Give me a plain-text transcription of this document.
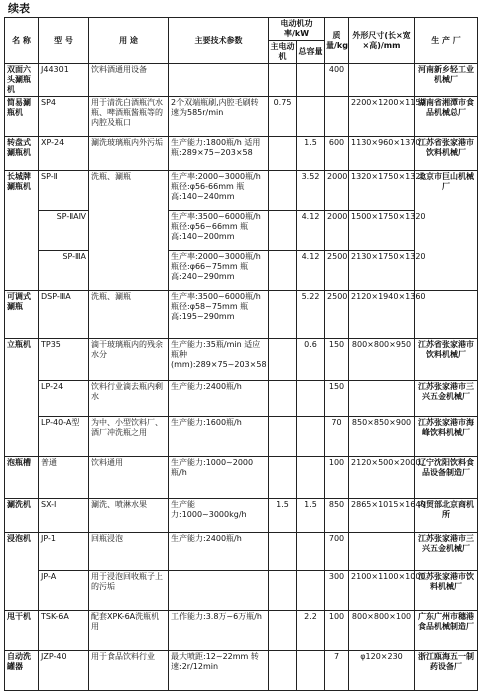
续表
名 称	型 号	用 途	主要技术参数	电动机功率/kW		质量/kg	外形尺寸(长×宽×高)/mm	生 产 厂
				主电动机	总容量			
双面六头涮瓶机	J44301	饮料酒通用设备				400		河南新乡轻工业机械厂
简易涮瓶机	SP4	用于清洗白酒瓶汽水瓶、啤酒瓶酱瓶等的内腔及瓶口	2个双端瓶刷,内腔毛刷转速为585r/min	0.75			2200×1200×1150	湖南省湘潭市食品机械总厂
转盘式涮瓶机	XP-24	涮洗玻璃瓶内外污垢	生产能力:1800瓶/h 适用瓶:289×75~203×58		1.5	600	1130×960×1370	江苏省张家港市饮料机械厂
长城牌涮瓶机	SP-Ⅱ	洗瓶、涮瓶	生产率:2000~3000瓶/h 瓶径:φ56-66mm 瓶高:140~240mm		3.52	2000	1320×1750×1320	北京市巨山机械厂
	SP-ⅡAⅣ		生产率:3500~6000瓶/h 瓶径:φ56~66mm 瓶高:140~200mm		4.12	2000	1500×1750×1320	
	SP-ⅢA		生产率:2000~3000瓶/h 瓶径:φ66~75mm 瓶高:240~290mm		4.12	2500	2130×1750×1320	
可调式涮瓶	DSP-ⅢA	洗瓶、涮瓶	生产率:3500~6000瓶/h 瓶径:φ58~75mm 瓶高:195~290mm		5.22	2500	2120×1940×1360	
立瓶机	TP35	滴干玻璃瓶内的残余水分	生产能力:35瓶/min 适应瓶种(mm):289×75~203×58		0.6	150	800×800×950	江苏省张家港市饮料机械厂
	LP-24	饮料行业滴去瓶内剩水	生产能力:2400瓶/h			150		江苏张家港市三兴五金机械厂
	LP-40-A型	为中、小型饮料厂、酒厂冲洗瓶之用	生产能力:1600瓶/h			70	850×850×900	江苏张家港市海峰饮料机械厂
泡瓶槽	普通	饮料通用	生产能力:1000~2000瓶/h			100	2120×500×2000	辽宁沈阳饮料食品设备制造厂
涮洗机	SX-Ⅰ	涮洗、喷淋水果	生产能力:1000~3000kg/h	1.5	1.5	850	2865×1015×1640	内贸部北京商机所
浸泡机	JP-1	回瓶浸泡	生产能力:2400瓶/h			700		江苏张家港市三兴五金机械厂
	JP-A	用于浸泡回收瓶子上的污垢				300	2100×1100×1000	江苏张家港市饮料机械厂
甩干机	TSK-6A	配套XPK-6A洗瓶机用	工作能力:3.8万~6万瓶/h		2.2	100	800×800×100	广东广州市穗港食品机械制造厂
自动洗罐器	JZP-40	用于食品饮料行业	最大喷距:12~22mm 转速:2r/12min			7	φ120×230	浙江瓯海五一制药设备厂
